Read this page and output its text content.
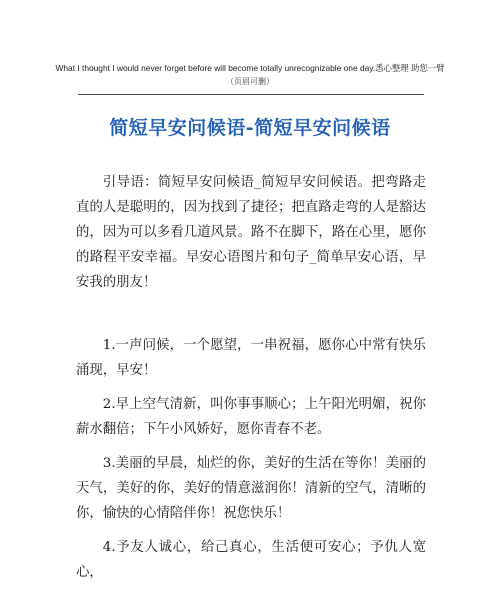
What I thought I would never forget before will become totally unrecognizable one day.悉心整理 助您一臂
（页眉可删）
简短早安问候语-简短早安问候语

引导语：简短早安问候语_简短早安问候语。把弯路走直的人是聪明的，因为找到了捷径；把直路走弯的人是豁达的，因为可以多看几道风景。路不在脚下，路在心里，愿你的路程平安幸福。早安心语图片和句子_简单早安心语，早安我的朋友！

1.一声问候，一个愿望，一串祝福，愿你心中常有快乐涌现，早安！

2.早上空气清新，叫你事事顺心；上午阳光明媚，祝你薪水翻倍；下午小风娇好，愿你青春不老。

3.美丽的早晨，灿烂的你，美好的生活在等你！美丽的天气，美好的你，美好的情意滋润你！清新的空气，清晰的你，愉快的心情陪伴你！祝您快乐！

4.予友人诚心，给己真心，生活便可安心；予仇人宽心，
